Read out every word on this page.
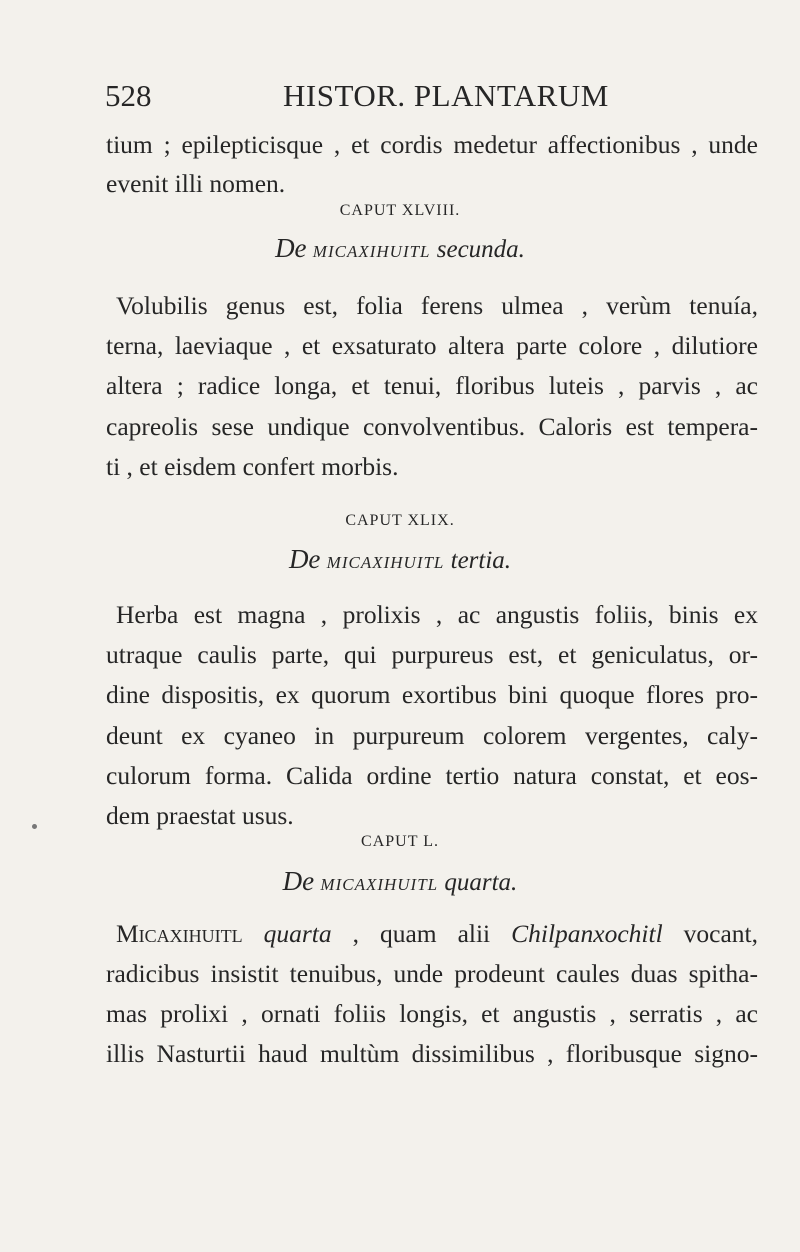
528	HISTOR. PLANTARUM
tium ; epilepticisque , et cordis medetur affectionibus , unde
evenit illi nomen.
CAPUT XLVIII.
De MICAXIHUITL secunda.
Volubilis genus est, folia ferens ulmea , verùm tenuía,
terna, laeviaque , et exsaturato altera parte colore , dilutiore
altera ; radice longa, et tenui, floribus luteis , parvis , ac
capreolis sese undique convolventibus. Caloris est tempera-
ti , et eisdem confert morbis.
CAPUT XLIX.
De MICAXIHUITL tertia.
Herba est magna , prolixis , ac angustis foliis, binis ex
utraque caulis parte, qui purpureus est, et geniculatus, or-
dine dispositis, ex quorum exortibus bini quoque flores pro-
deunt ex cyaneo in purpureum colorem vergentes, caly-
culorum forma. Calida ordine tertio natura constat, et eos-
dem praestat usus.
CAPUT L.
De MICAXIHUITL quarta.
Micaxihuitl quarta , quam alii Chilpanxochitl vocant,
radicibus insistit tenuibus, unde prodeunt caules duas spitha-
mas prolixi , ornati foliis longis, et angustis , serratis , ac
illis Nasturtii haud multùm dissimilibus , floribusque signo-
